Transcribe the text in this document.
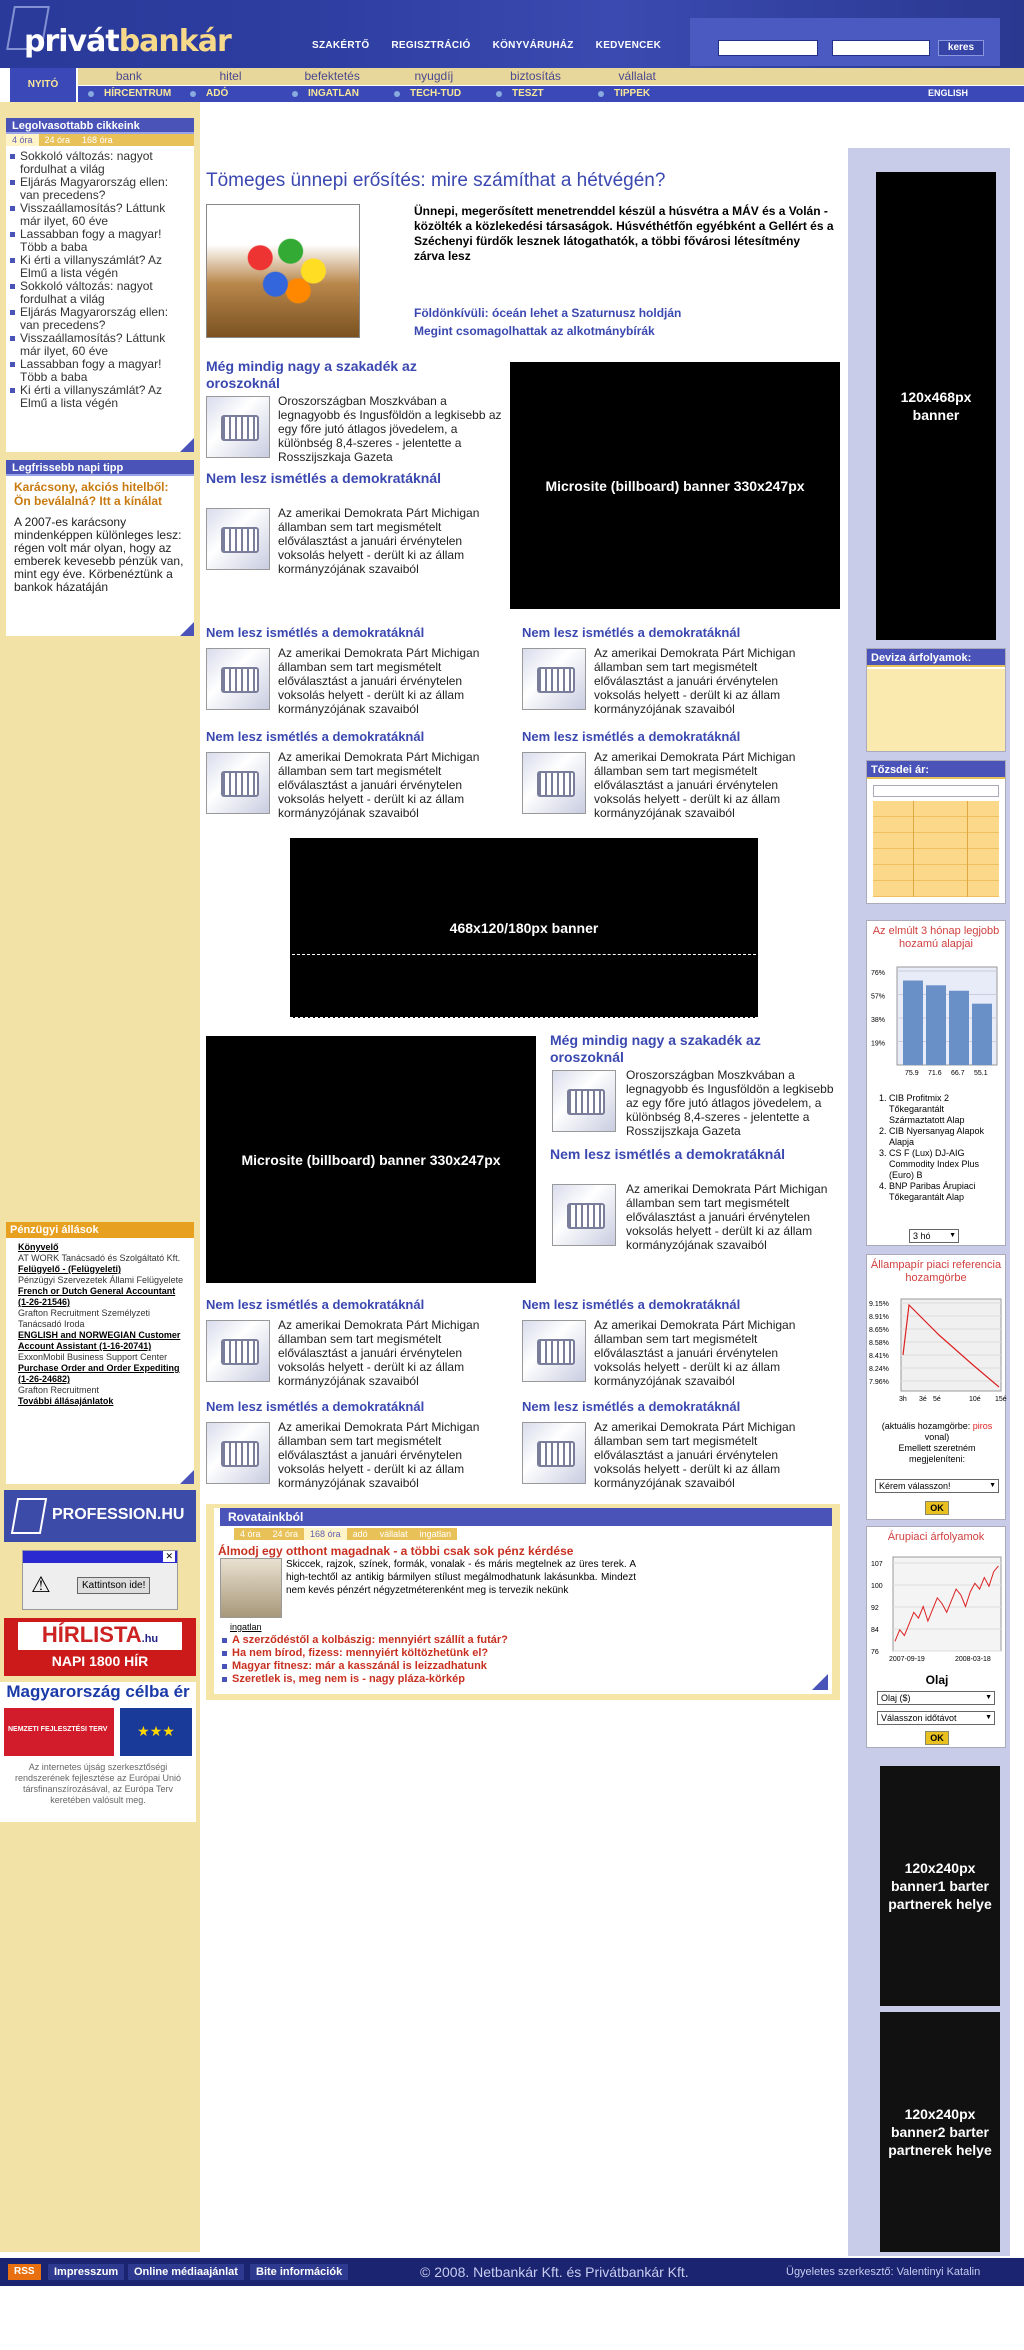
privátbankár	SZAKÉRTŐ REGISZTRÁCIÓ KÖNYVÁRUHÁZ KEDVENCEK	keres
NYITÓ
bank	hitel	befektetés	nyugdíj	biztosítás	vállalat
HÍRCENTRUM	ADÓ	INGATLAN	TECH-TUD	TESZT	TIPPEK	ENGLISH
Legolvasottabb cikkeink
4 óra	24 óra	168 óra
Sokkoló változás: nagyot fordulhat a világ
Eljárás Magyarország ellen: van precedens?
Visszaállamosítás? Láttunk már ilyet, 60 éve
Lassabban fogy a magyar! Több a baba
Ki érti a villanyszámlát? Az Elmű a lista végén
Sokkoló változás: nagyot fordulhat a világ
Eljárás Magyarország ellen: van precedens?
Visszaállamosítás? Láttunk már ilyet, 60 éve
Lassabban fogy a magyar! Több a baba
Ki érti a villanyszámlát? Az Elmű a lista végén
Legfrissebb napi tipp
Karácsony, akciós hitelből: Ön beválalná? Itt a kínálat
A 2007-es karácsony mindenképpen különleges lesz: régen volt már olyan, hogy az emberek kevesebb pénzük van, mint egy éve. Körbenéztünk a bankok házatáján
Pénzügyi állások
Könyvelő
AT WORK Tanácsadó és Szolgáltató Kft.
Felügyelő - (Felügyeleti)
Pénzügyi Szervezetek Állami Felügyelete
French or Dutch General Accountant (1-26-21546)
Grafton Recruitment Személyzeti Tanácsadó Iroda
ENGLISH and NORWEGIAN Customer Account Assistant (1-16-20741)
ExxonMobil Business Support Center
Purchase Order and Order Expediting (1-26-24682)
Grafton Recruitment
További állásajánlatok
PROFESSION.HU
✕
⚠	Kattintson ide!
HÍRLISTA.hu
NAPI 1800 HÍR
Magyarország célba ér
NEMZETI FEJLESZTÉSI TERV	★★★
Az internetes újság szerkesztőségi rendszerének fejlesztése az Európai Unió társfinanszírozásával, az Európa Terv keretében valósult meg.
Tömeges ünnepi erősítés: mire számíthat a hétvégén?
Ünnepi, megerősített menetrenddel készül a húsvétra a MÁV és a Volán - közölték a közlekedési társaságok. Húsvéthétfőn egyébként a Gellért és a Széchenyi fürdők lesznek látogathatók, a többi fővárosi létesítmény zárva lesz
Földönkívüli: óceán lehet a Szaturnusz holdján
Megint csomagolhattak az alkotmánybírák
Még mindig nagy a szakadék az oroszoknál
Oroszországban Moszkvában a legnagyobb és Ingusföldön a legkisebb az egy főre jutó átlagos jövedelem, a különbség 8,4-szeres - jelentette a Rosszijszkaja Gazeta
Nem lesz ismétlés a demokratáknál
Az amerikai Demokrata Párt Michigan államban sem tart megismételt előválasztást a januári érvénytelen voksolás helyett - derült ki az állam kormányzójának szavaiból
Microsite (billboard) banner 330x247px
Nem lesz ismétlés a demokratáknál
Az amerikai Demokrata Párt Michigan államban sem tart megismételt előválasztást a januári érvénytelen voksolás helyett - derült ki az állam kormányzójának szavaiból
Nem lesz ismétlés a demokratáknál
Az amerikai Demokrata Párt Michigan államban sem tart megismételt előválasztást a januári érvénytelen voksolás helyett - derült ki az állam kormányzójának szavaiból
Nem lesz ismétlés a demokratáknál
Az amerikai Demokrata Párt Michigan államban sem tart megismételt előválasztást a januári érvénytelen voksolás helyett - derült ki az állam kormányzójának szavaiból
Nem lesz ismétlés a demokratáknál
Az amerikai Demokrata Párt Michigan államban sem tart megismételt előválasztást a januári érvénytelen voksolás helyett - derült ki az állam kormányzójának szavaiból
468x120/180px banner
Microsite (billboard) banner 330x247px
Még mindig nagy a szakadék az oroszoknál
Oroszországban Moszkvában a legnagyobb és Ingusföldön a legkisebb az egy főre jutó átlagos jövedelem, a különbség 8,4-szeres - jelentette a Rosszijszkaja Gazeta
Nem lesz ismétlés a demokratáknál
Az amerikai Demokrata Párt Michigan államban sem tart megismételt előválasztást a januári érvénytelen voksolás helyett - derült ki az állam kormányzójának szavaiból
Nem lesz ismétlés a demokratáknál
Az amerikai Demokrata Párt Michigan államban sem tart megismételt előválasztást a januári érvénytelen voksolás helyett - derült ki az állam kormányzójának szavaiból
Nem lesz ismétlés a demokratáknál
Az amerikai Demokrata Párt Michigan államban sem tart megismételt előválasztást a januári érvénytelen voksolás helyett - derült ki az állam kormányzójának szavaiból
Nem lesz ismétlés a demokratáknál
Az amerikai Demokrata Párt Michigan államban sem tart megismételt előválasztást a januári érvénytelen voksolás helyett - derült ki az állam kormányzójának szavaiból
Nem lesz ismétlés a demokratáknál
Az amerikai Demokrata Párt Michigan államban sem tart megismételt előválasztást a januári érvénytelen voksolás helyett - derült ki az állam kormányzójának szavaiból
Rovatainkból
4 óra	24 óra	168 óra	adó	vállalat	ingatlan
Álmodj egy otthont magadnak - a többi csak sok pénz kérdése
Skiccek, rajzok, színek, formák, vonalak - és máris megtelnek az üres terek. A high-techtől az antikig bármilyen stílust megálmodhatunk lakásunkba. Mindezt nem kevés pénzért négyzetméterenként meg is tervezik nekünk
ingatlan
A szerződéstől a kolbászig: mennyiért szállít a futár?
Ha nem bírod, fizess: mennyiért költözhetünk el?
Magyar fitnesz: már a kasszánál is leizzadhatunk
Szeretlek is, meg nem is - nagy pláza-körkép
120x468px banner
Deviza árfolyamok:
Tőzsdei ár:
Az elmúlt 3 hónap legjobb hozamú alapjai
76%
57%
38%
19%
75.9 71.6 66.7 55.1
1. CIB Profitmix 2 Tőkegarantált Származtatott Alap
2. CIB Nyersanyag Alapok Alapja
3. CS F (Lux) DJ-AIG Commodity Index Plus (Euro) B
4. BNP Paribas Árupiaci Tőkegarantált Alap
3 hó ▼
Állampapír piaci referencia hozamgörbe
9.15%
8.91%
8.65%
8.58%
8.41%
8.24%
7.96%
3h 3é 5é	10é 15é
(aktuális hozamgörbe: piros vonal)
Emellett szeretném megjeleníteni:
Kérem válasszon! ▼
OK
Árupiaci árfolyamok
107
100
92
84
76
2007-09-19	2008-03-18
Olaj
Olaj ($) ▼
Válasszon időtávot ▼
OK
120x240px banner1 barter partnerek helye
120x240px banner2 barter partnerek helye
RSS	Impresszum	Online médiaajánlat	Bitе információk	© 2008. Netbankár Kft. és Privátbankár Kft.	Ügyeletes szerkesztő: Valentinyi Katalin
